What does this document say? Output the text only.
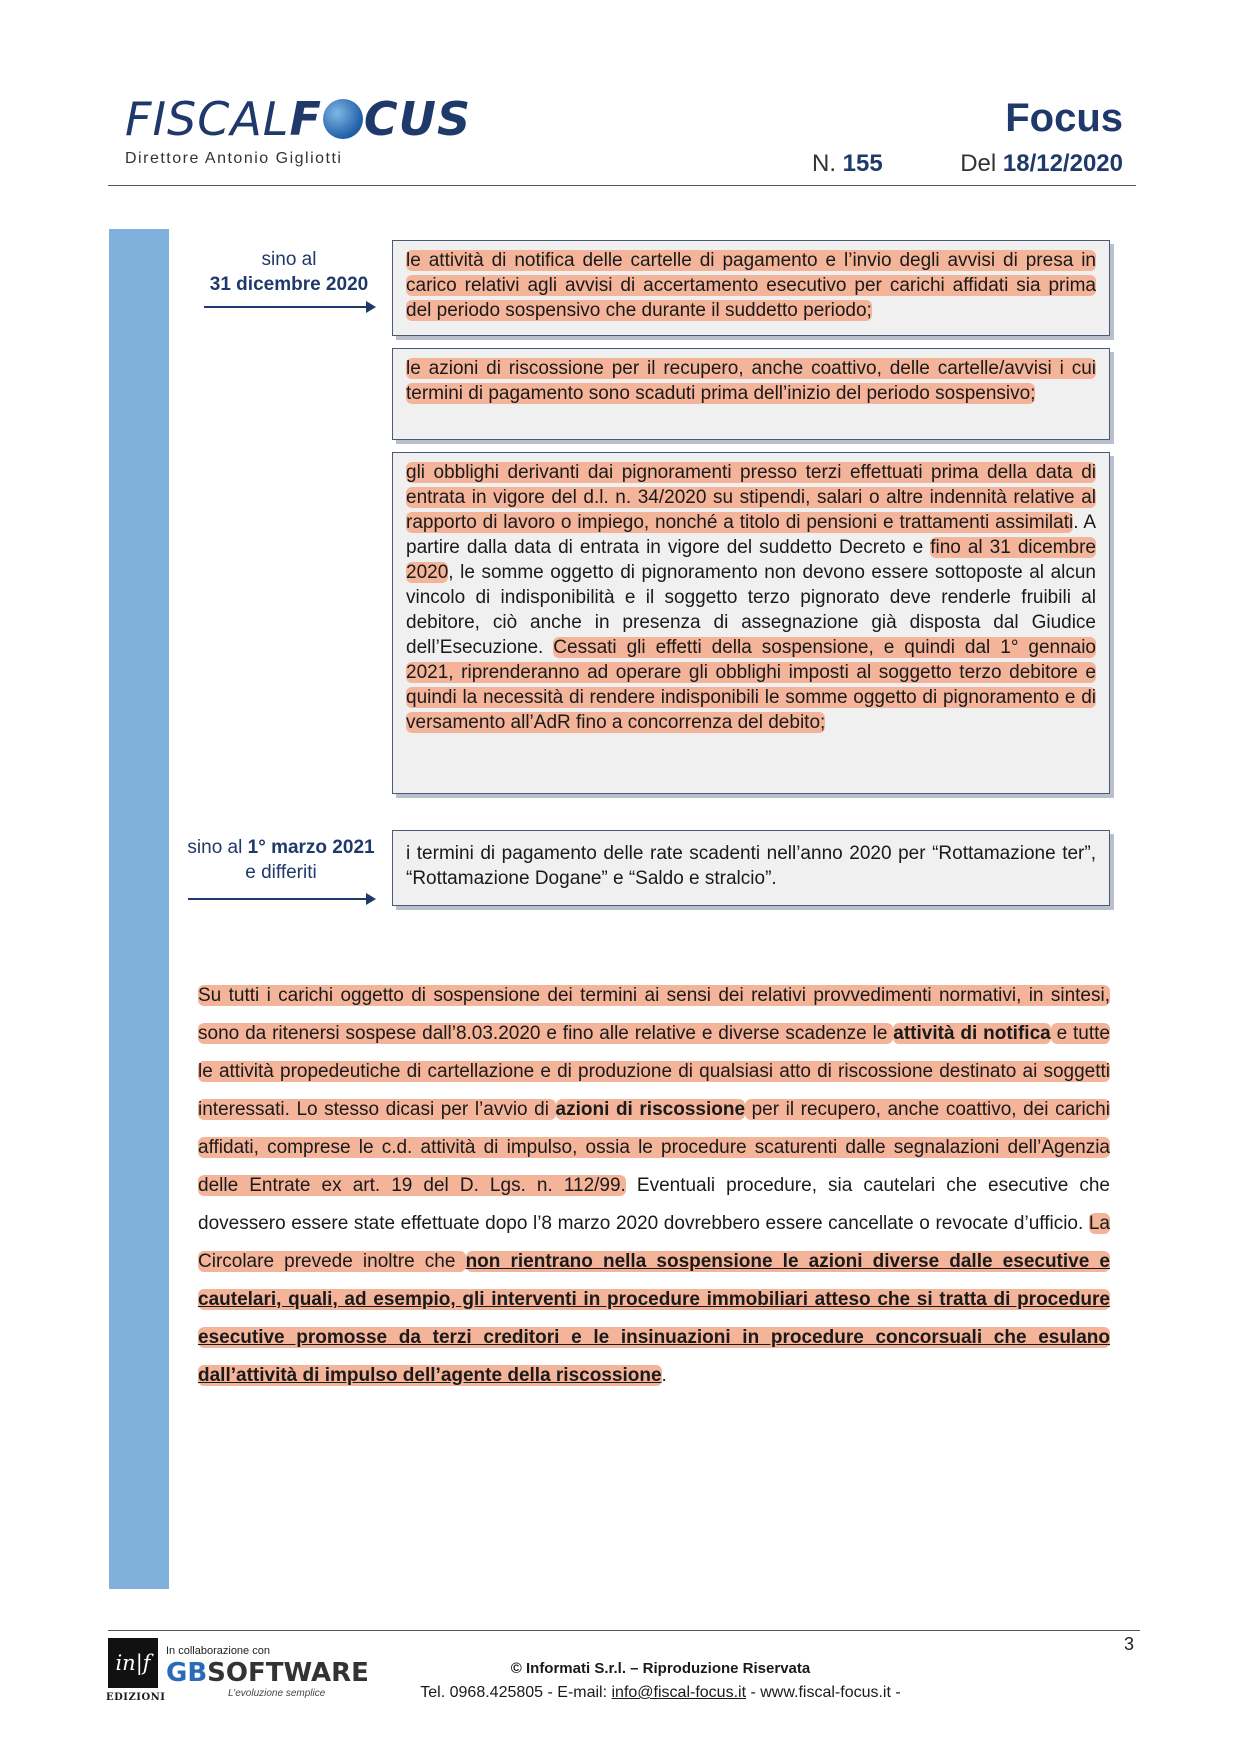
FISCALF CUS
Direttore Antonio Gigliotti
Focus
N. 155	Del 18/12/2020
sino al
31 dicembre 2020
le attività di notifica delle cartelle di pagamento e l’invio degli avvisi di presa in carico relativi agli avvisi di accertamento esecutivo per carichi affidati sia prima del periodo sospensivo che durante il suddetto periodo;
le azioni di riscossione per il recupero, anche coattivo, delle cartelle/avvisi i cui termini di pagamento sono scaduti prima dell’inizio del periodo sospensivo;
gli obblighi derivanti dai pignoramenti presso terzi effettuati prima della data di entrata in vigore del d.l. n. 34/2020 su stipendi, salari o altre indennità relative al rapporto di lavoro o impiego, nonché a titolo di pensioni e trattamenti assimilati. A partire dalla data di entrata in vigore del suddetto Decreto e fino al 31 dicembre 2020, le somme oggetto di pignoramento non devono essere sottoposte al alcun vincolo di indisponibilità e il soggetto terzo pignorato deve renderle fruibili al debitore, ciò anche in presenza di assegnazione già disposta dal Giudice dell’Esecuzione. Cessati gli effetti della sospensione, e quindi dal 1° gennaio 2021, riprenderanno ad operare gli obblighi imposti al soggetto terzo debitore e quindi la necessità di rendere indisponibili le somme oggetto di pignoramento e di versamento all’AdR fino a concorrenza del debito;
sino al 1° marzo 2021
e differiti
i termini di pagamento delle rate scadenti nell’anno 2020 per “Rottamazione ter”, “Rottamazione Dogane” e “Saldo e stralcio”.
Su tutti i carichi oggetto di sospensione dei termini ai sensi dei relativi provvedimenti normativi, in sintesi, sono da ritenersi sospese dall’8.03.2020 e fino alle relative e diverse scadenze le attività di notifica e tutte le attività propedeutiche di cartellazione e di produzione di qualsiasi atto di riscossione destinato ai soggetti interessati. Lo stesso dicasi per l’avvio di azioni di riscossione per il recupero, anche coattivo, dei carichi affidati, comprese le c.d. attività di impulso, ossia le procedure scaturenti dalle segnalazioni dell’Agenzia delle Entrate ex art. 19 del D. Lgs. n. 112/99. Eventuali procedure, sia cautelari che esecutive che dovessero essere state effettuate dopo l’8 marzo 2020 dovrebbero essere cancellate o revocate d’ufficio. La Circolare prevede inoltre che non rientrano nella sospensione le azioni diverse dalle esecutive e cautelari, quali, ad esempio, gli interventi in procedure immobiliari atteso che si tratta di procedure esecutive promosse da terzi creditori e le insinuazioni in procedure concorsuali che esulano dall’attività di impulso dell’agente della riscossione.
in|f
EDIZIONI
In collaborazione con
GBSOFTWARE
L’evoluzione semplice
© Informati S.r.l. – Riproduzione Riservata
Tel. 0968.425805 - E-mail: info@fiscal-focus.it - www.fiscal-focus.it -
3
